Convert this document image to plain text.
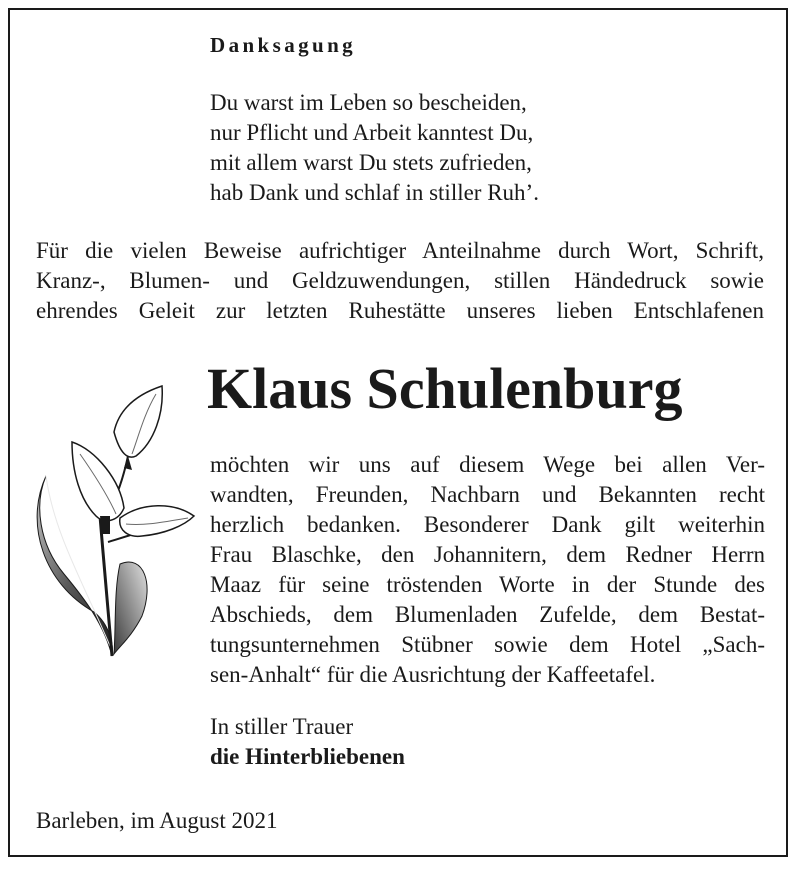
Danksagung
Du warst im Leben so bescheiden,
nur Pflicht und Arbeit kanntest Du,
mit allem warst Du stets zufrieden,
hab Dank und schlaf in stiller Ruh’.
Für die vielen Beweise aufrichtiger Anteilnahme durch Wort, Schrift,
Kranz-, Blumen- und Geldzuwendungen, stillen Händedruck sowie
ehrendes Geleit zur letzten Ruhestätte unseres lieben Entschlafenen
Klaus Schulenburg
möchten wir uns auf diesem Wege bei allen Ver-
wandten, Freunden, Nachbarn und Bekannten recht
herzlich bedanken. Besonderer Dank gilt weiterhin
Frau Blaschke, den Johannitern, dem Redner Herrn
Maaz für seine tröstenden Worte in der Stunde des
Abschieds, dem Blumenladen Zufelde, dem Bestat-
tungsunternehmen Stübner sowie dem Hotel „Sach-
sen-Anhalt“ für die Ausrichtung der Kaffeetafel.
In stiller Trauer
die Hinterbliebenen
Barleben, im August 2021
